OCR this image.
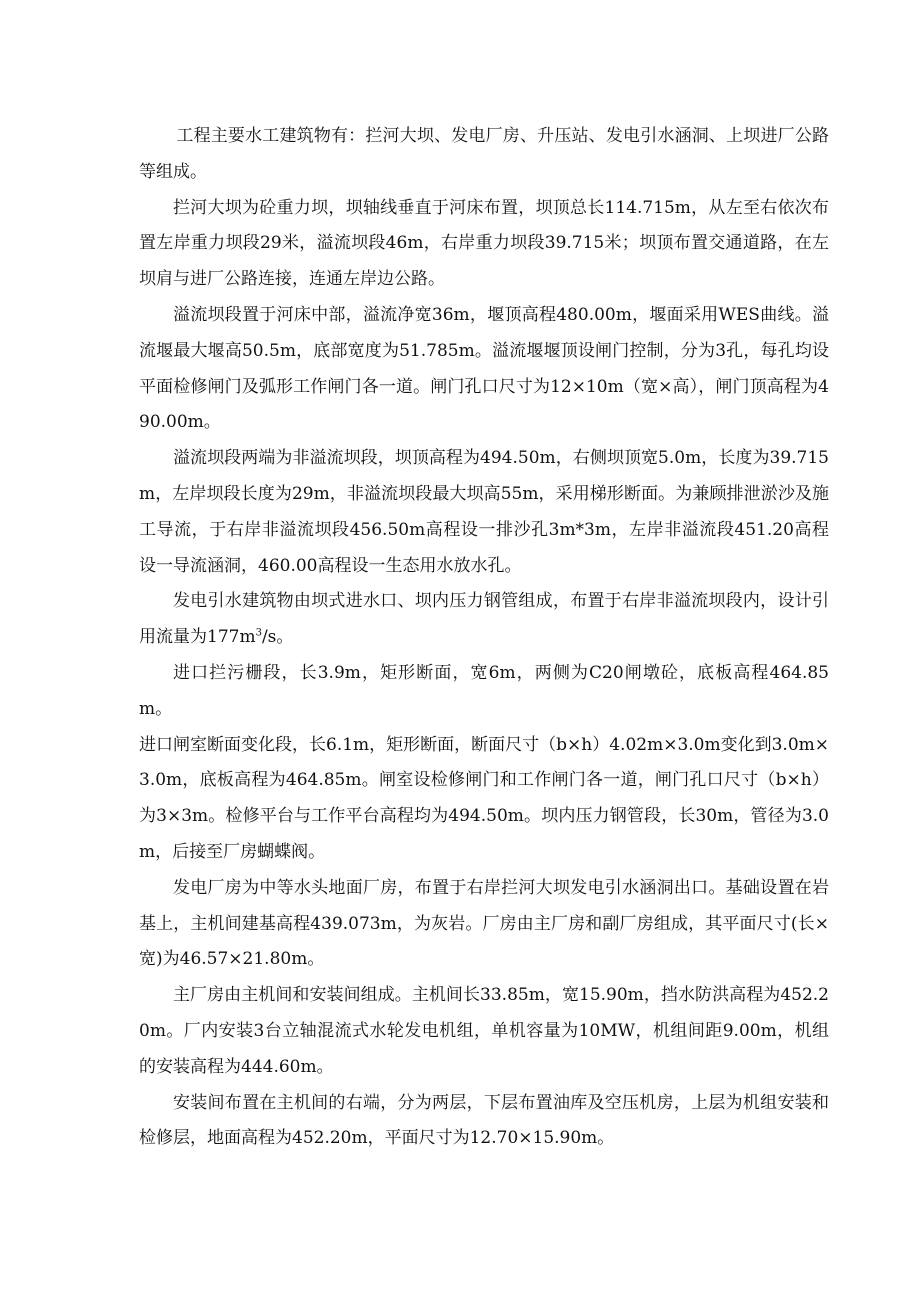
工程主要水工建筑物有：拦河大坝、发电厂房、升压站、发电引水涵洞、上坝进厂公路等组成。

拦河大坝为砼重力坝，坝轴线垂直于河床布置，坝顶总长114.715m，从左至右依次布置左岸重力坝段29米，溢流坝段46m，右岸重力坝段39.715米；坝顶布置交通道路，在左坝肩与进厂公路连接，连通左岸边公路。

溢流坝段置于河床中部，溢流净宽36m，堰顶高程480.00m，堰面采用WES曲线。溢流堰最大堰高50.5m，底部宽度为51.785m。溢流堰堰顶设闸门控制，分为3孔，每孔均设平面检修闸门及弧形工作闸门各一道。闸门孔口尺寸为12×10m（宽×高），闸门顶高程为490.00m。

溢流坝段两端为非溢流坝段，坝顶高程为494.50m，右侧坝顶宽5.0m，长度为39.715m，左岸坝段长度为29m，非溢流坝段最大坝高55m，采用梯形断面。为兼顾排泄淤沙及施工导流，于右岸非溢流坝段456.50m高程设一排沙孔3m*3m，左岸非溢流段451.20高程设一导流涵洞，460.00高程设一生态用水放水孔。

发电引水建筑物由坝式进水口、坝内压力钢管组成，布置于右岸非溢流坝段内，设计引用流量为$177m^3/s$。

进口拦污栅段，长3.9m，矩形断面，宽6m，两侧为C20闸墩砼，底板高程464.85m。

进口闸室断面变化段，长6.1m，矩形断面，断面尺寸（b×h）4.02m×3.0m变化到3.0m×3.0m，底板高程为464.85m。闸室设检修闸门和工作闸门各一道，闸门孔口尺寸（b×h）为3×3m。检修平台与工作平台高程均为494.50m。坝内压力钢管段，长30m，管径为3.0m，后接至厂房蝴蝶阀。

发电厂房为中等水头地面厂房，布置于右岸拦河大坝发电引水涵洞出口。基础设置在岩基上，主机间建基高程439.073m，为灰岩。厂房由主厂房和副厂房组成，其平面尺寸(长×宽)为46.57×21.80m。

主厂房由主机间和安装间组成。主机间长33.85m，宽15.90m，挡水防洪高程为452.20m。厂内安装3台立轴混流式水轮发电机组，单机容量为10MW，机组间距9.00m，机组的安装高程为444.60m。

安装间布置在主机间的右端，分为两层，下层布置油库及空压机房，上层为机组安装和检修层，地面高程为452.20m，平面尺寸为12.70×15.90m。
